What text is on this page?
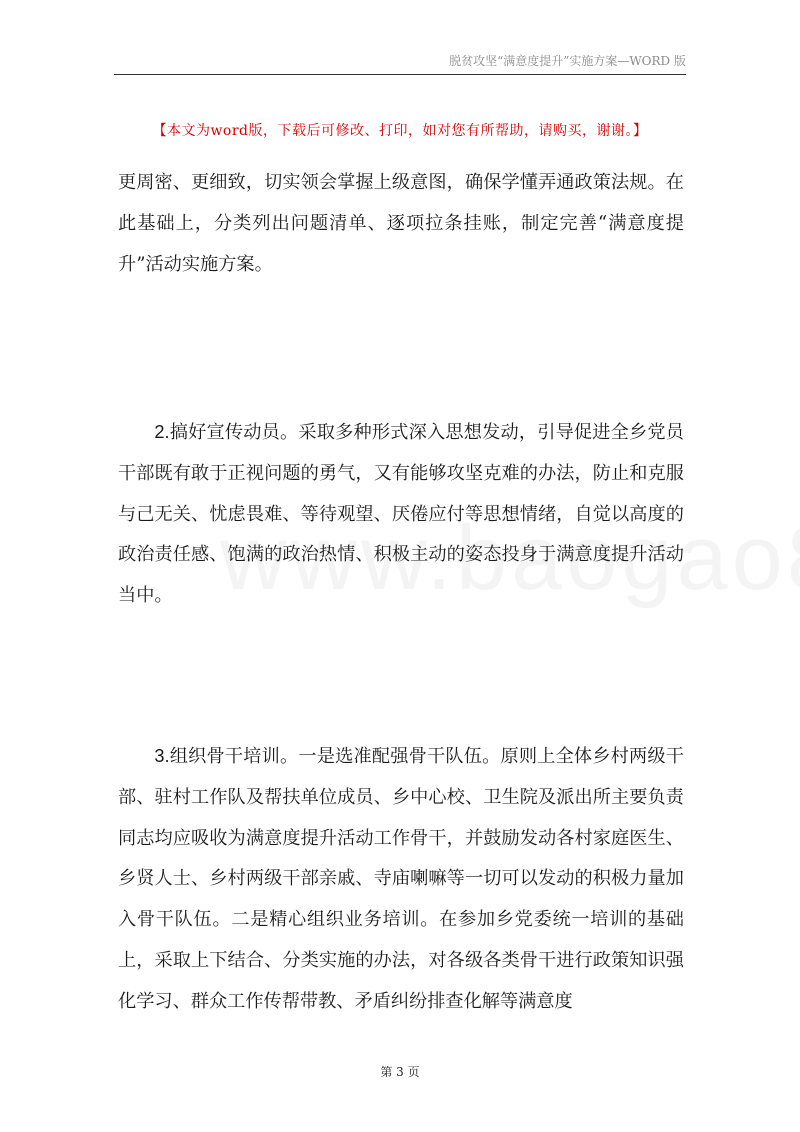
脱贫攻坚“满意度提升”实施方案—WORD 版
【本文为word版，下载后可修改、打印，如对您有所帮助，请购买，谢谢。】

更周密、更细致，切实领会掌握上级意图，确保学懂弄通政策法规。在此基础上，分类列出问题清单、逐项拉条挂账，制定完善“满意度提升”活动实施方案。

2.搞好宣传动员。采取多种形式深入思想发动，引导促进全乡党员干部既有敢于正视问题的勇气，又有能够攻坚克难的办法，防止和克服与己无关、忧虑畏难、等待观望、厌倦应付等思想情绪，自觉以高度的政治责任感、饱满的政治热情、积极主动的姿态投身于满意度提升活动当中。

3.组织骨干培训。一是选准配强骨干队伍。原则上全体乡村两级干部、驻村工作队及帮扶单位成员、乡中心校、卫生院及派出所主要负责同志均应吸收为满意度提升活动工作骨干，并鼓励发动各村家庭医生、乡贤人士、乡村两级干部亲戚、寺庙喇嘛等一切可以发动的积极力量加入骨干队伍。二是精心组织业务培训。在参加乡党委统一培训的基础上，采取上下结合、分类实施的办法，对各级各类骨干进行政策知识强化学习、群众工作传帮带教、矛盾纠纷排查化解等满意度

第 3 页
